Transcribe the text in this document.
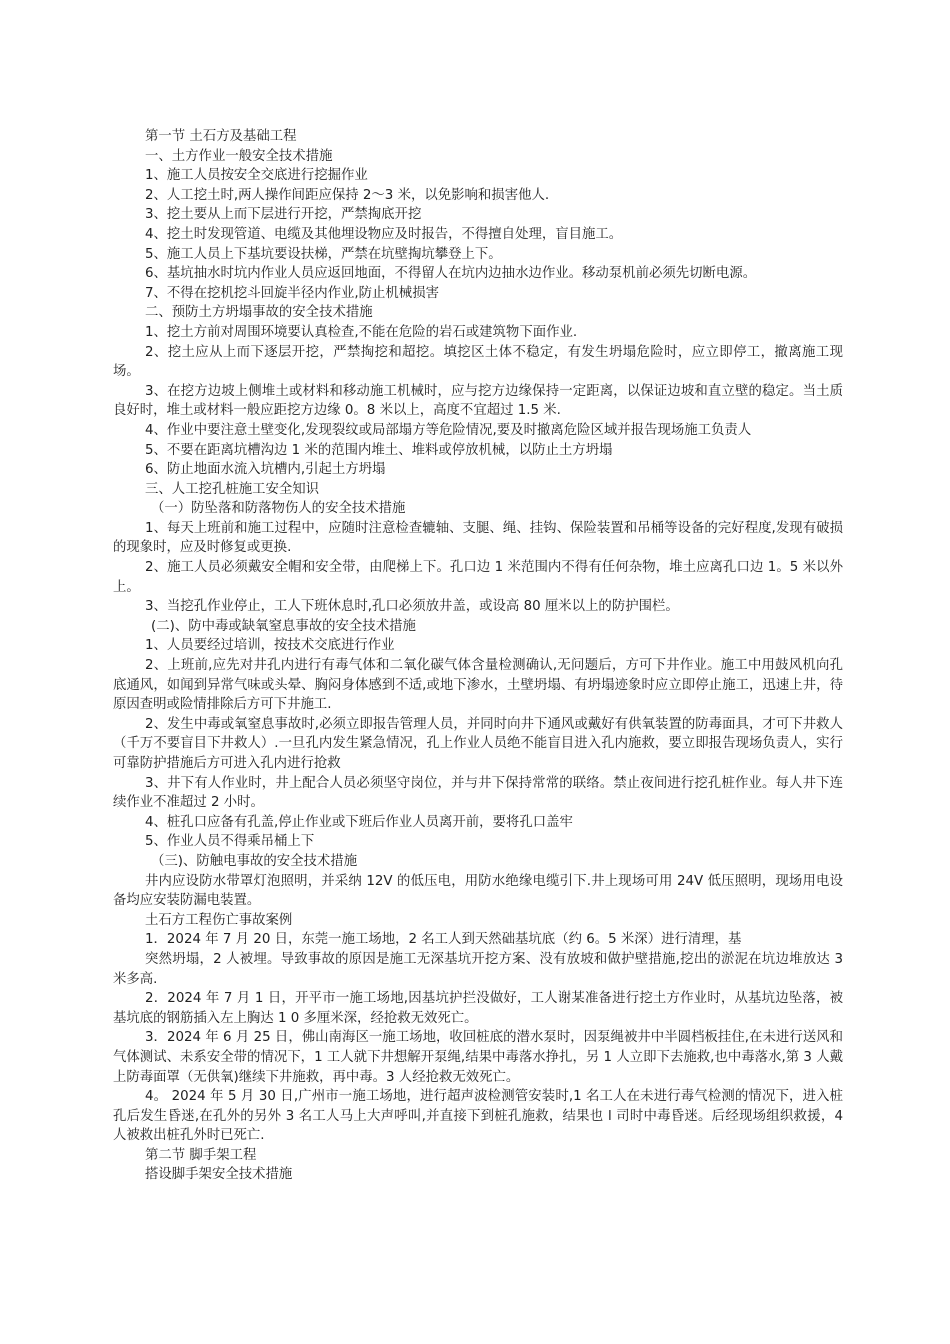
第一节 土石方及基础工程

一、土方作业一般安全技术措施

1、施工人员按安全交底进行挖掘作业

2、人工挖土时,两人操作间距应保持 2～3 米，以免影响和损害他人.

3、挖土要从上而下层进行开挖，严禁掏底开挖

4、挖土时发现管道、电缆及其他埋设物应及时报告，不得擅自处理，盲目施工。

5、施工人员上下基坑要设扶梯，严禁在坑壁掏坑攀登上下。

6、基坑抽水时坑内作业人员应返回地面，不得留人在坑内边抽水边作业。移动泵机前必须先切断电源。

7、不得在挖机挖斗回旋半径内作业,防止机械损害

二、预防土方坍塌事故的安全技术措施

1、挖土方前对周围环境要认真检查,不能在危险的岩石或建筑物下面作业.

2、挖土应从上而下逐层开挖，严禁掏挖和超挖。填挖区土体不稳定，有发生坍塌危险时，应立即停工，撤离施工现场。

3、在挖方边坡上侧堆土或材料和移动施工机械时，应与挖方边缘保持一定距离，以保证边坡和直立壁的稳定。当土质良好时，堆土或材料一般应距挖方边缘 0。8 米以上，高度不宜超过 1.5 米.

4、作业中要注意土壁变化,发现裂纹或局部塌方等危险情况,要及时撤离危险区域并报告现场施工负责人

5、不要在距离坑槽沟边 1 米的范围内堆土、堆料或停放机械，以防止土方坍塌

6、防止地面水流入坑槽内,引起土方坍塌

三、人工挖孔桩施工安全知识

（一）防坠落和防落物伤人的安全技术措施

1、每天上班前和施工过程中，应随时注意检查辘轴、支腿、绳、挂钩、保险装置和吊桶等设备的完好程度,发现有破损的现象时，应及时修复或更换.

2、施工人员必须戴安全帽和安全带，由爬梯上下。孔口边 1 米范围内不得有任何杂物，堆土应离孔口边 1。5 米以外上。

3、当挖孔作业停止，工人下班休息时,孔口必须放井盖，或设高 80 厘米以上的防护围栏。

(二)、防中毒或缺氧窒息事故的安全技术措施

1、人员要经过培训，按技术交底进行作业

2、上班前,应先对井孔内进行有毒气体和二氧化碳气体含量检测确认,无问题后，方可下井作业。施工中用鼓风机向孔底通风，如闻到异常气味或头晕、胸闷身体感到不适,或地下渗水，土壁坍塌、有坍塌迹象时应立即停止施工，迅速上井，待原因查明或险情排除后方可下井施工.

2、发生中毒或氧窒息事故时,必须立即报告管理人员，并同时向井下通风或戴好有供氧装置的防毒面具，才可下井救人（千万不要盲目下井救人）.一旦孔内发生紧急情况，孔上作业人员绝不能盲目进入孔内施救，要立即报告现场负责人，实行可靠防护措施后方可进入孔内进行抢救

3、井下有人作业时，井上配合人员必须坚守岗位，并与井下保持常常的联络。禁止夜间进行挖孔桩作业。每人井下连续作业不准超过 2 小时。

4、桩孔口应备有孔盖,停止作业或下班后作业人员离开前，要将孔口盖牢

5、作业人员不得乘吊桶上下

（三)、防触电事故的安全技术措施

井内应设防水带罩灯泡照明，并采纳 12V 的低压电，用防水绝缘电缆引下.井上现场可用 24V 低压照明，现场用电设备均应安装防漏电装置。

土石方工程伤亡事故案例

1．2024 年 7 月 20 日，东莞一施工场地，2 名工人到天然础基坑底（约 6。5 米深）进行清理，基

突然坍塌，2 人被埋。导致事故的原因是施工无深基坑开挖方案、没有放坡和做护壁措施,挖出的淤泥在坑边堆放达 3 米多高.

2．2024 年 7 月 1 日，开平市一施工场地,因基坑护拦没做好，工人谢某准备进行挖土方作业时，从基坑边坠落，被基坑底的钢筋插入左上胸达 1 0 多厘米深，经抢救无效死亡。

3．2024 年 6 月 25 日，佛山南海区一施工场地，收回桩底的潜水泵时，因泵绳被井中半圆档板挂住,在未进行送风和气体测试、未系安全带的情况下，1 工人就下井想解开泵绳,结果中毒落水挣扎，另 1 人立即下去施救,也中毒落水,第 3 人戴上防毒面罩（无供氧)继续下井施救，再中毒。3 人经抢救无效死亡。

4。 2024 年 5 月 30 日,广州市一施工场地，进行超声波检测管安装时,1 名工人在未进行毒气检测的情况下，进入桩孔后发生昏迷,在孔外的另外 3 名工人马上大声呼叫,并直接下到桩孔施救，结果也 l 司时中毒昏迷。后经现场组织救援，4 人被救出桩孔外时已死亡.

第二节 脚手架工程

搭设脚手架安全技术措施
